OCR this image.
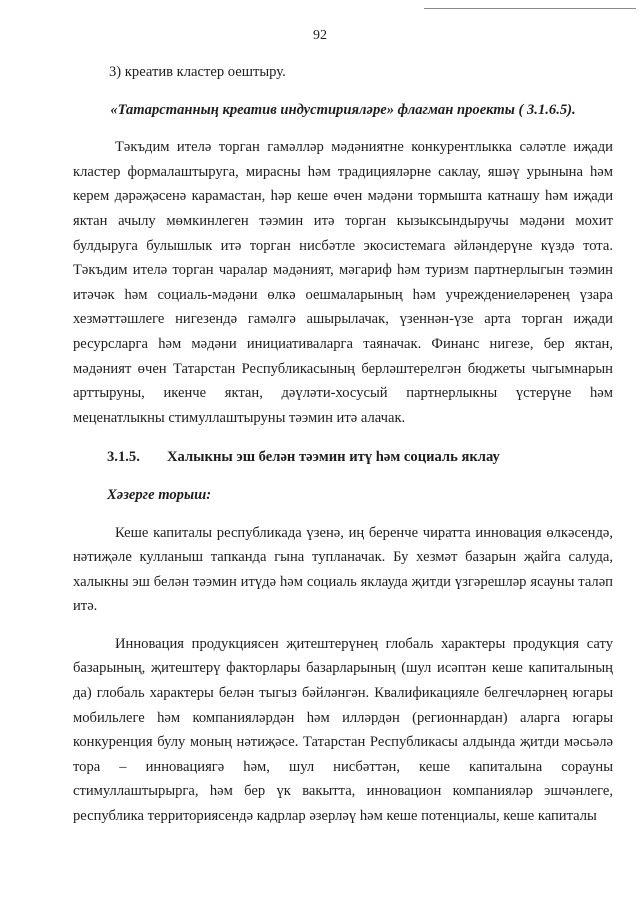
92

3) креатив кластер оештыру.

«Татарстанның креатив индустирияләре» флагман проекты ( 3.1.6.5).

Тәкъдим ителә торган гамәлләр мәдәниятне конкурентлыкка сәләтле иҗади кластер формалаштыруга, мирасны һәм традицияләрне саклау, яшәү урынына һәм керем дәрәҗәсенә карамастан, һәр кеше өчен мәдәни тормышта катнашу һәм иҗади яктан ачылу мөмкинлеген тәэмин итә торган кызыксындыручы мәдәни мохит булдыруга булышлык итә торган нисбәтле экосистемага әйләндерүне күздә тота. Тәкъдим ителә торган чаралар мәдәният, мәгариф һәм туризм партнерлыгын тәэмин итәчәк һәм социаль-мәдәни өлкә оешмаларының һәм учреждениеләренең үзара хезмәттәшлеге нигезендә гамәлгә ашырылачак, үзеннән-үзе арта торган иҗади ресурсларга һәм мәдәни инициативаларга таяначак. Финанс нигезе, бер яктан, мәдәният өчен Татарстан Республикасының берләштерелгән бюджеты чыгымнарын арттыруны, икенче яктан, дәүләти-хосусый партнерлыкны үстерүне һәм меценатлыкны стимуллаштыруны тәэмин итә алачак.

3.1.5. Халыкны эш белән тәэмин итү һәм социаль яклау

Хәзерге торыш:

Кеше капиталы республикада үзенә, иң беренче чиратта инновация өлкәсендә, нәтиҗәле кулланыш тапканда гына тупланачак. Бу хезмәт базарын җайга салуда, халыкны эш белән тәэмин итүдә һәм социаль яклауда җитди үзгәрешләр ясауны таләп итә.

Инновация продукциясен җитештерүнең глобаль характеры продукция сату базарының, җитештерү факторлары базарларының (шул исәптән кеше капиталының да) глобаль характеры белән тыгыз бәйләнгән. Квалификацияле белгечләрнең югары мобильлеге һәм компанияләрдән һәм илләрдән (регионнардан) аларга югары конкуренция булу моның нәтиҗәсе. Татарстан Республикасы алдында җитди мәсьәлә тора – инновациягә һәм, шул нисбәттән, кеше капиталына сорауны стимуллаштырырга, һәм бер үк вакытта, инновацион компанияләр эшчәнлеге, республика территориясендә кадрлар әзерләү һәм кеше потенциалы, кеше капиталы
